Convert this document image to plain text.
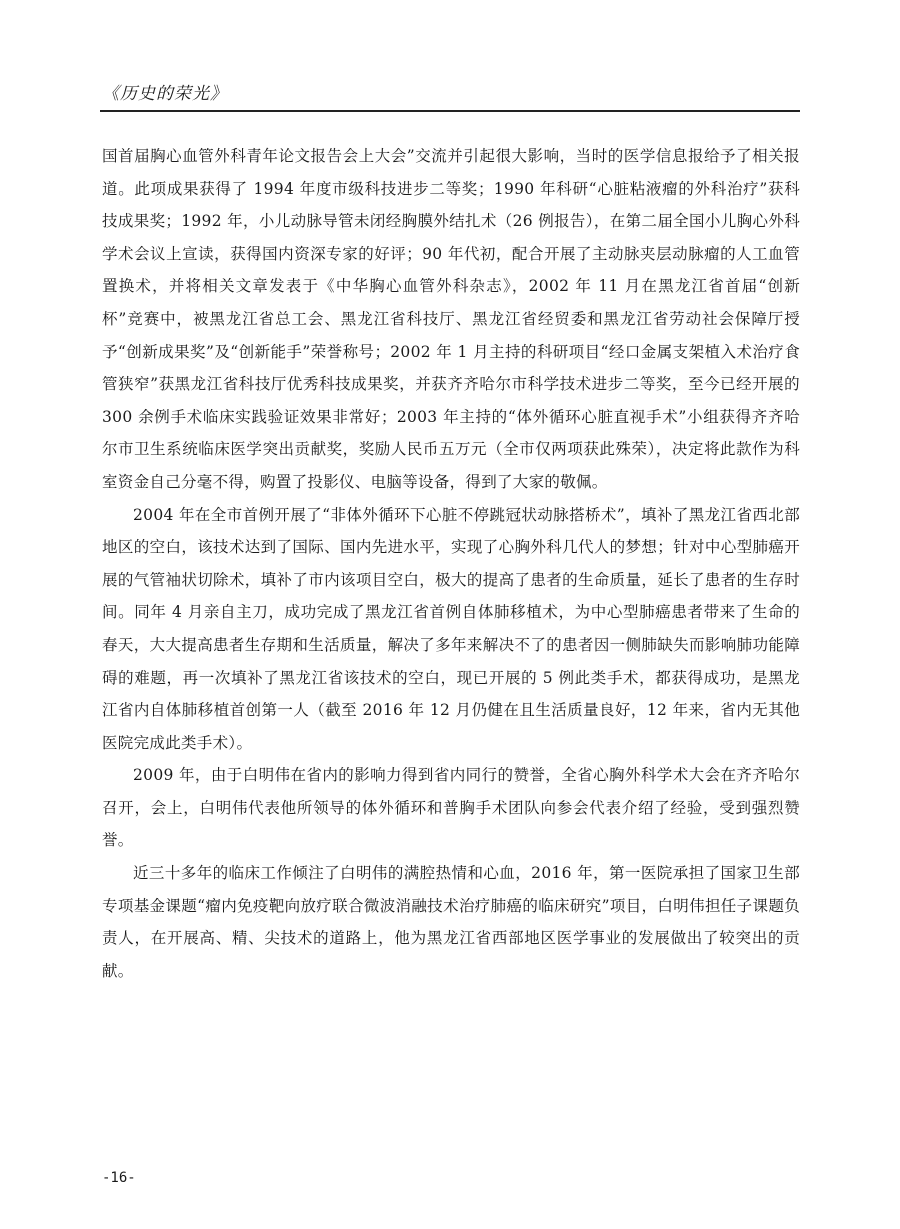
《历史的荣光》

国首届胸心血管外科青年论文报告会上大会”交流并引起很大影响，当时的医学信息报给予了相关报道。此项成果获得了 1994 年度市级科技进步二等奖；1990 年科研“心脏粘液瘤的外科治疗”获科技成果奖；1992 年，小儿动脉导管未闭经胸膜外结扎术（26 例报告），在第二届全国小儿胸心外科学术会议上宣读，获得国内资深专家的好评；90 年代初，配合开展了主动脉夹层动脉瘤的人工血管置换术，并将相关文章发表于《中华胸心血管外科杂志》，2002 年 11 月在黑龙江省首届“创新杯”竞赛中，被黑龙江省总工会、黑龙江省科技厅、黑龙江省经贸委和黑龙江省劳动社会保障厅授予“创新成果奖”及“创新能手”荣誉称号；2002 年 1 月主持的科研项目“经口金属支架植入术治疗食管狭窄”获黑龙江省科技厅优秀科技成果奖，并获齐齐哈尔市科学技术进步二等奖，至今已经开展的 300 余例手术临床实践验证效果非常好；2003 年主持的“体外循环心脏直视手术”小组获得齐齐哈尔市卫生系统临床医学突出贡献奖，奖励人民币五万元（全市仅两项获此殊荣），决定将此款作为科室资金自己分毫不得，购置了投影仪、电脑等设备，得到了大家的敬佩。

2004 年在全市首例开展了“非体外循环下心脏不停跳冠状动脉搭桥术”，填补了黑龙江省西北部地区的空白，该技术达到了国际、国内先进水平，实现了心胸外科几代人的梦想；针对中心型肺癌开展的气管袖状切除术，填补了市内该项目空白，极大的提高了患者的生命质量，延长了患者的生存时间。同年 4 月亲自主刀，成功完成了黑龙江省首例自体肺移植术，为中心型肺癌患者带来了生命的春天，大大提高患者生存期和生活质量，解决了多年来解决不了的患者因一侧肺缺失而影响肺功能障碍的难题，再一次填补了黑龙江省该技术的空白，现已开展的 5 例此类手术，都获得成功，是黑龙江省内自体肺移植首创第一人（截至 2016 年 12 月仍健在且生活质量良好，12 年来，省内无其他医院完成此类手术）。

2009 年，由于白明伟在省内的影响力得到省内同行的赞誉，全省心胸外科学术大会在齐齐哈尔召开，会上，白明伟代表他所领导的体外循环和普胸手术团队向参会代表介绍了经验，受到强烈赞誉。

近三十多年的临床工作倾注了白明伟的满腔热情和心血，2016 年，第一医院承担了国家卫生部专项基金课题“瘤内免疫靶向放疗联合微波消融技术治疗肺癌的临床研究”项目，白明伟担任子课题负责人，在开展高、精、尖技术的道路上，他为黑龙江省西部地区医学事业的发展做出了较突出的贡献。

-16-
